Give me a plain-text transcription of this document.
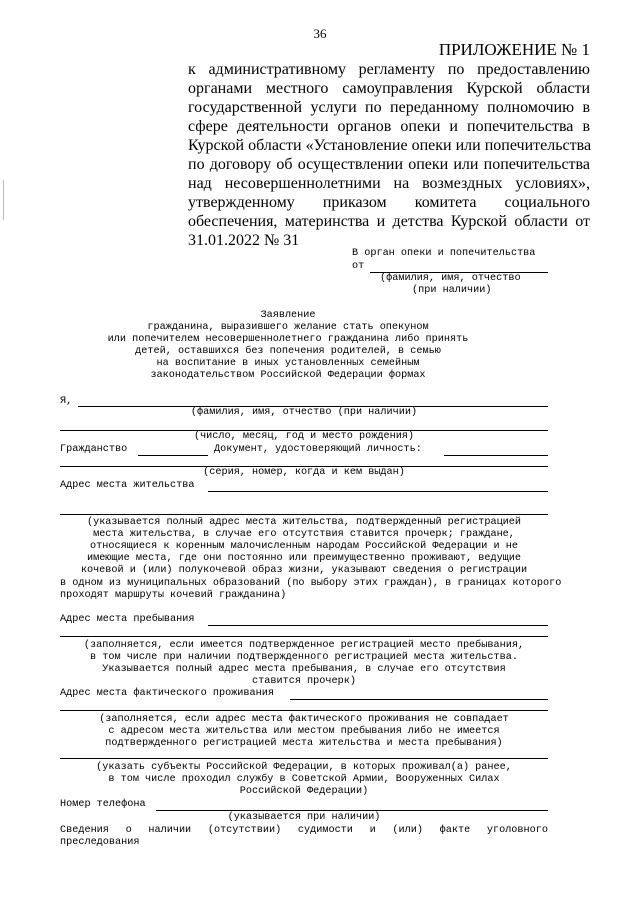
36
ПРИЛОЖЕНИЕ № 1
к административному регламенту по предоставлению
органами местного самоуправления Курской области
государственной услуги по переданному полномочию в
сфере деятельности органов опеки и попечительства в
Курской области «Установление опеки или попечительства
по договору об осуществлении опеки или попечительства
над несовершеннолетними на возмездных условиях»,
утвержденному приказом комитета социального
обеспечения, материнства и детства Курской области от
31.01.2022 № 31
В орган опеки и попечительства
от
(фамилия, имя, отчество
(при наличии)
Заявление
гражданина, выразившего желание стать опекуном
или попечителем несовершеннолетнего гражданина либо принять
детей, оставшихся без попечения родителей, в семью
на воспитание в иных установленных семейным
законодательством Российской Федерации формах
Я,
(фамилия, имя, отчество (при наличии)
(число, месяц, год и место рождения)
Гражданство	Документ, удостоверяющий личность:
(серия, номер, когда и кем выдан)
Адрес места жительства
(указывается полный адрес места жительства, подтвержденный регистрацией
места жительства, в случае его отсутствия ставится прочерк; граждане,
относящиеся к коренным малочисленным народам Российской Федерации и не
имеющие места, где они постоянно или преимущественно проживают, ведущие
кочевой и (или) полукочевой образ жизни, указывают сведения о регистрации
в одном из муниципальных образований (по выбору этих граждан), в границах которого
проходят маршруты кочевий гражданина)
Адрес места пребывания
(заполняется, если имеется подтвержденное регистрацией место пребывания,
в том числе при наличии подтвержденного регистрацией места жительства.
Указывается полный адрес места пребывания, в случае его отсутствия
ставится прочерк)
Адрес места фактического проживания
(заполняется, если адрес места фактического проживания не совпадает
с адресом места жительства или местом пребывания либо не имеется
подтвержденного регистрацией места жительства и места пребывания)
(указать субъекты Российской Федерации, в которых проживал(а) ранее,
в том числе проходил службу в Советской Армии, Вооруженных Силах
Российской Федерации)
Номер телефона
(указывается при наличии)
Сведения о наличии (отсутствии) судимости и (или) факте уголовного
преследования
